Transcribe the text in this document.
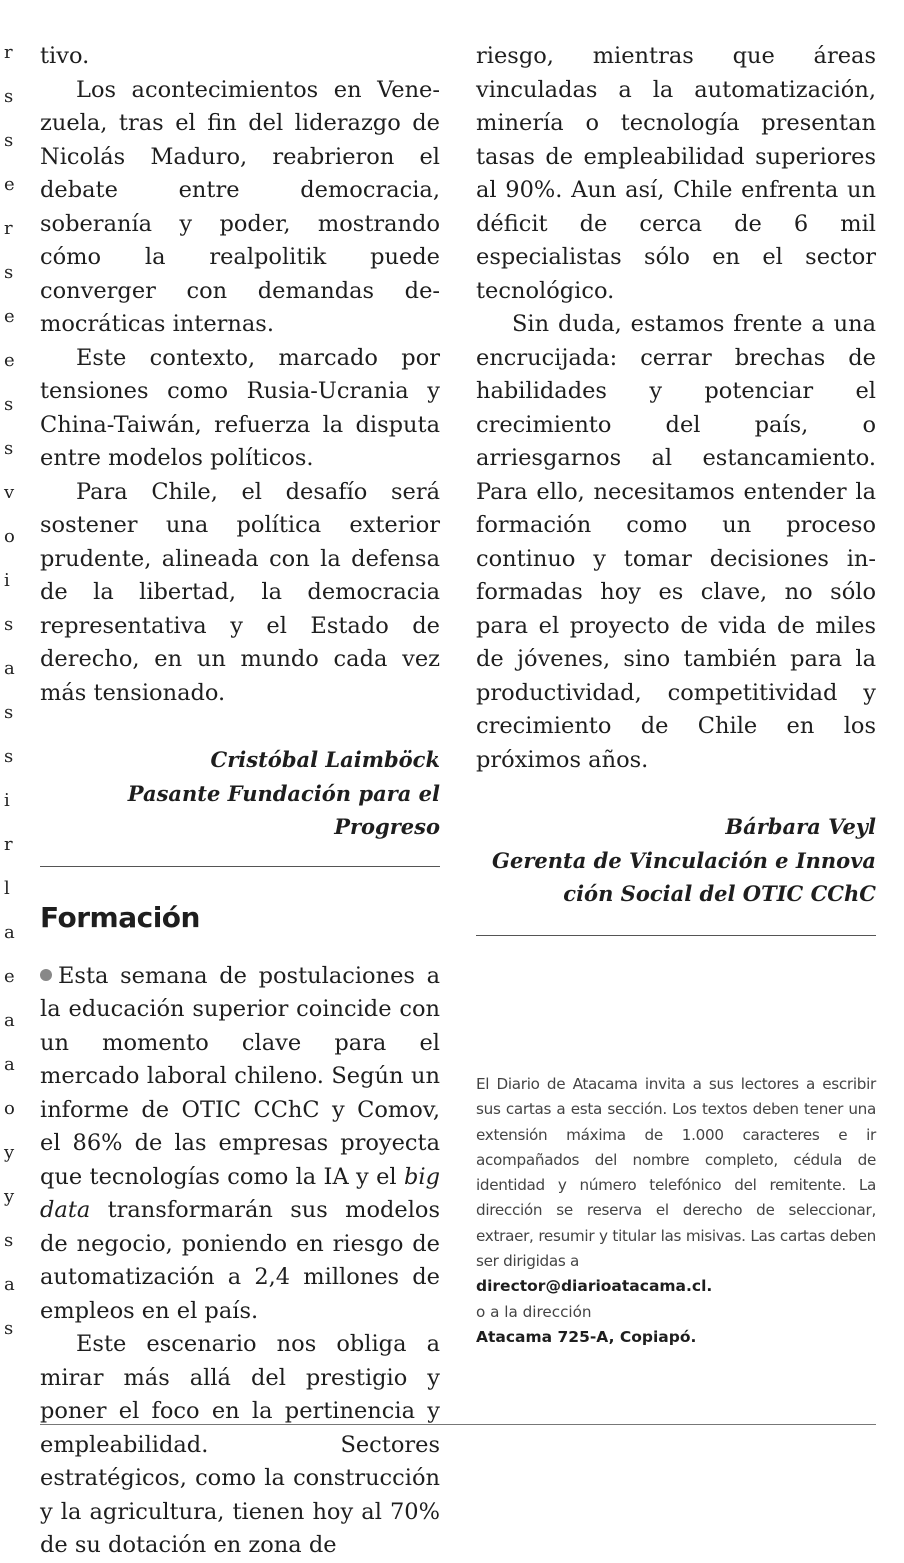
r
s
s
e
r
s
e
e
s
s
v
o
i
s
a
s
s
i
r
l
a
e
a
a
o
y
y
s
a
s

tivo.

Los acontecimientos en Venezuela, tras el fin del liderazgo de Nicolás Maduro, reabrieron el debate entre democracia, soberanía y poder, mostrando cómo la realpolitik puede converger con demandas democráticas internas.

Este contexto, marcado por tensiones como Rusia-Ucrania y China-Taiwán, refuerza la disputa entre modelos políticos.

Para Chile, el desafío será sostener una política exterior prudente, alineada con la defensa de la libertad, la democracia representativa y el Estado de derecho, en un mundo cada vez más tensionado.

Cristóbal Laimböck

Pasante Fundación para el Progreso

Formación

Esta semana de postulaciones a la educación superior coincide con un momento clave para el mercado laboral chileno. Según un informe de OTIC CChC y Comov, el 86% de las empresas proyecta que tecnologías como la IA y el big data transformarán sus modelos de negocio, poniendo en riesgo de automatización a 2,4 millones de empleos en el país.

Este escenario nos obliga a mirar más allá del prestigio y poner el foco en la pertinencia y empleabilidad. Sectores estratégicos, como la construcción y la agricultura, tienen hoy al 70% de su dotación en zona de

riesgo, mientras que áreas vinculadas a la automatización, minería o tecnología presentan tasas de empleabilidad superiores al 90%. Aun así, Chile enfrenta un déficit de cerca de 6 mil especialistas sólo en el sector tecnológico.

Sin duda, estamos frente a una encrucijada: cerrar brechas de habilidades y potenciar el crecimiento del país, o arriesgarnos al estancamiento. Para ello, necesitamos entender la formación como un proceso continuo y tomar decisiones informadas hoy es clave, no sólo para el proyecto de vida de miles de jóvenes, sino también para la productividad, competitividad y crecimiento de Chile en los próximos años.

Bárbara Veyl

Gerenta de Vinculación e Innova

ción Social del OTIC CChC

El Diario de Atacama invita a sus lectores a escribir sus cartas a esta sección. Los textos deben tener una extensión máxima de 1.000 caracteres e ir acompañados del nombre completo, cédula de identidad y número telefónico del remitente. La dirección se reserva el derecho de seleccionar, extraer, resumir y titular las misivas. Las cartas deben ser dirigidas a

director@diarioatacama.cl.

o a la dirección

Atacama 725-A, Copiapó.
